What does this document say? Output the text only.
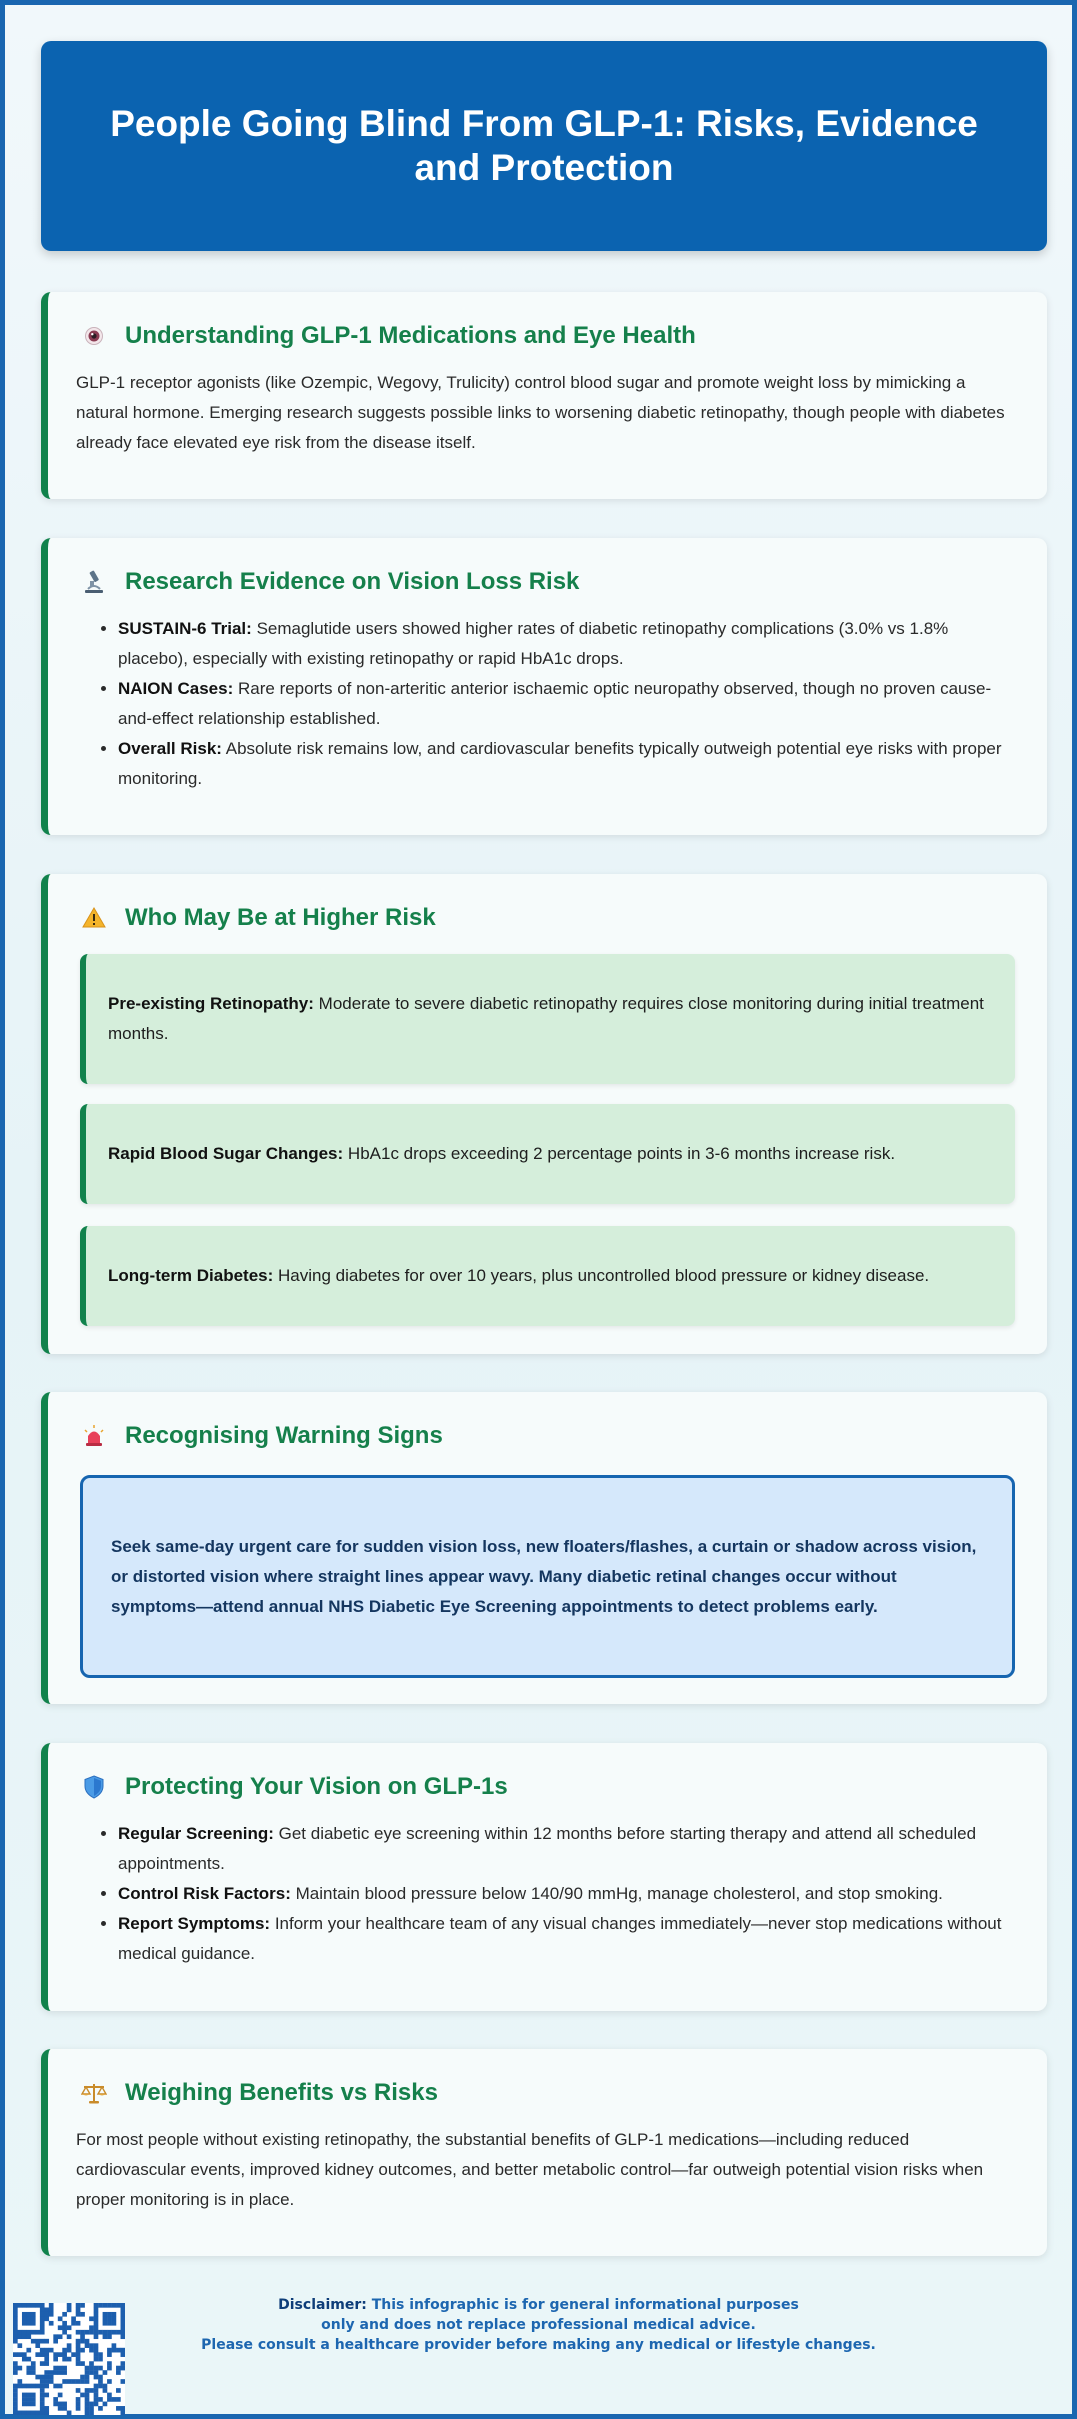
People Going Blind From GLP-1: Risks, Evidence and Protection
Understanding GLP-1 Medications and Eye Health

GLP-1 receptor agonists (like Ozempic, Wegovy, Trulicity) control blood sugar and promote weight loss by mimicking a natural hormone. Emerging research suggests possible links to worsening diabetic retinopathy, though people with diabetes already face elevated eye risk from the disease itself.

Research Evidence on Vision Loss Risk
• SUSTAIN-6 Trial: Semaglutide users showed higher rates of diabetic retinopathy complications (3.0% vs 1.8% placebo), especially with existing retinopathy or rapid HbA1c drops.
• NAION Cases: Rare reports of non-arteritic anterior ischaemic optic neuropathy observed, though no proven cause-and-effect relationship established.
• Overall Risk: Absolute risk remains low, and cardiovascular benefits typically outweigh potential eye risks with proper monitoring.
Who May Be at Higher Risk
Pre-existing Retinopathy: Moderate to severe diabetic retinopathy requires close monitoring during initial treatment months.
Rapid Blood Sugar Changes: HbA1c drops exceeding 2 percentage points in 3-6 months increase risk.
Long-term Diabetes: Having diabetes for over 10 years, plus uncontrolled blood pressure or kidney disease.
Recognising Warning Signs
Seek same-day urgent care for sudden vision loss, new floaters/flashes, a curtain or shadow across vision, or distorted vision where straight lines appear wavy. Many diabetic retinal changes occur without symptoms—attend annual NHS Diabetic Eye Screening appointments to detect problems early.
Protecting Your Vision on GLP-1s
• Regular Screening: Get diabetic eye screening within 12 months before starting therapy and attend all scheduled appointments.
• Control Risk Factors: Maintain blood pressure below 140/90 mmHg, manage cholesterol, and stop smoking.
• Report Symptoms: Inform your healthcare team of any visual changes immediately—never stop medications without medical guidance.
Weighing Benefits vs Risks

For most people without existing retinopathy, the substantial benefits of GLP-1 medications—including reduced cardiovascular events, improved kidney outcomes, and better metabolic control—far outweigh potential vision risks when proper monitoring is in place.

Disclaimer: This infographic is for general informational purposes
only and does not replace professional medical advice.
Please consult a healthcare provider before making any medical or lifestyle changes.
